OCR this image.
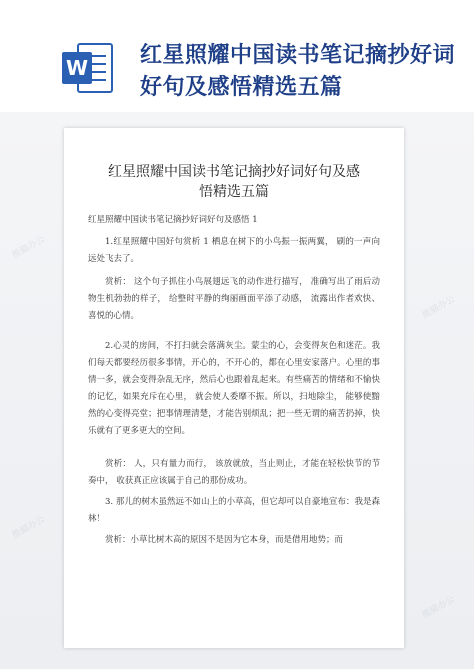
W 红星照耀中国读书笔记摘抄好词好句及感悟精选五篇
红星照耀中国读书笔记摘抄好词好句及感悟精选五篇
红星照耀中国读书笔记摘抄好词好句及感悟 1
1.红星照耀中国好句赏析 1 栖息在树下的小鸟振一振两翼， 刷的一声向远处飞去了。
赏析： 这个句子抓住小鸟展翅远飞的动作进行描写， 准确写出了雨后动物生机勃勃的样子， 给整时平静的绚丽画面平添了动感， 流露出作者欢快、喜悦的心情。
2.心灵的房间，不打扫就会落满灰尘。蒙尘的心，会变得灰色和迷茫。我们每天都要经历很多事情，开心的，不开心的，都在心里安家落户。心里的事情一多，就会变得杂乱无序，然后心也跟着乱起来。有些痛苦的情绪和不愉快的记忆，如果充斥在心里， 就会使人委靡不振。所以，扫地除尘， 能够使黯然的心变得亮堂；把事情理清楚，才能告别烦乱；把一些无谓的痛苦扔掉，快乐就有了更多更大的空间。
赏析： 人，只有量力而行， 该放就放，当止则止，才能在轻松快节的节奏中， 收获真正应该属于自己的那份成功。
3. 那儿的树木虽然远不如山上的小草高，但它却可以自豪地宣布：我是森林！
赏析：小草比树木高的原因不是因为它本身，而是借用地势；而
熊猫办公
熊猫办公
熊猫办公
熊猫办公
